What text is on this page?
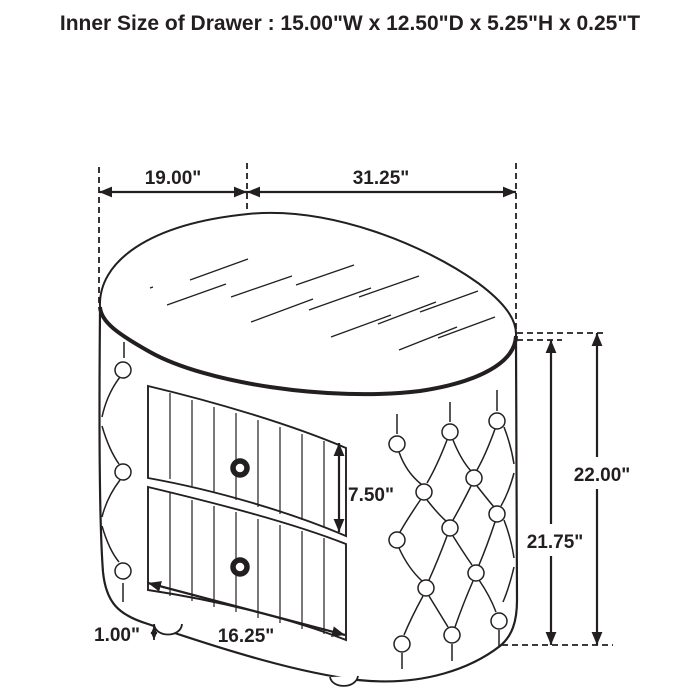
Inner Size of Drawer : 15.00"W x 12.50"D x 5.25"H x 0.25"T
19.00"	31.25"
21.75"
22.00"
7.50"
16.25"
1.00"
